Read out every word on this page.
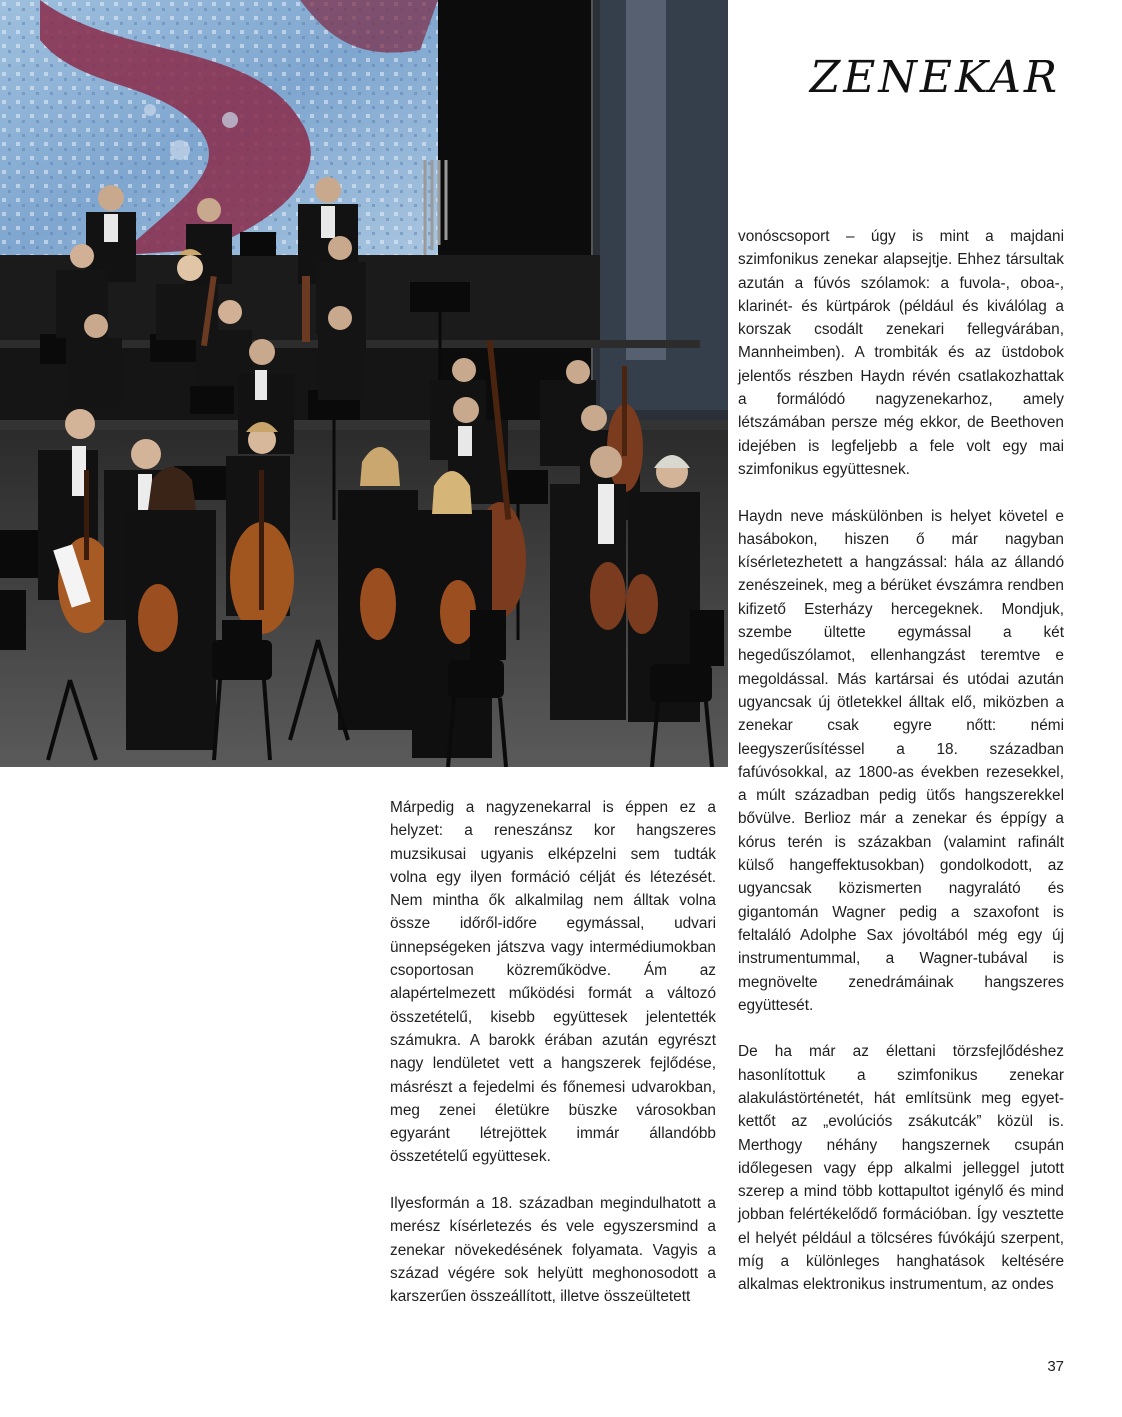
ZENEKAR

Márpedig a nagyzenekarral is éppen ez a helyzet: a reneszánsz kor hangszeres muzsikusai ugyanis elképzelni sem tudták volna egy ilyen formáció célját és létezését. Nem mintha ők alkalmilag nem álltak volna össze időről-időre egymással, udvari ünnepségeken játszva vagy intermédiumokban csoportosan közreműködve. Ám az alapértelmezett működési formát a változó összetételű, kisebb együttesek jelentették számukra. A barokk érában azután egyrészt nagy lendületet vett a hangszerek fejlődése, másrészt a fejedelmi és főnemesi udvarokban, meg zenei életükre büszke városokban egyaránt létrejöttek immár állandóbb összetételű együttesek.

Ilyesformán a 18. században megindulhatott a merész kísérletezés és vele egyszersmind a zenekar növekedésének folyamata. Vagyis a század végére sok helyütt meghonosodott a karszerűen összeállított, illetve összeültetett

vonóscsoport – úgy is mint a majdani szimfonikus zenekar alapsejtje. Ehhez társultak azután a fúvós szólamok: a fuvola-, oboa-, klarinét- és kürtpárok (például és kiválólag a korszak csodált zenekari fellegvárában, Mannheimben). A trombiták és az üstdobok jelentős részben Haydn révén csatlakozhattak a formálódó nagyzenekarhoz, amely létszámában persze még ekkor, de Beethoven idejében is legfeljebb a fele volt egy mai szimfonikus együttesnek.

Haydn neve máskülönben is helyet követel e hasábokon, hiszen ő már nagyban kísérletezhetett a hangzással: hála az állandó zenészeinek, meg a bérüket évszámra rendben kifizető Esterházy hercegeknek. Mondjuk, szembe ültette egymással a két hegedűszólamot, ellenhangzást teremtve e megoldással. Más kartársai és utódai azután ugyancsak új ötletekkel álltak elő, miközben a zenekar csak egyre nőtt: némi leegyszerűsítéssel a 18. században fafúvósokkal, az 1800-as években rezesekkel, a múlt században pedig ütős hangszerekkel bővülve. Berlioz már a zenekar és éppígy a kórus terén is százakban (valamint rafinált külső hangeffektusokban) gondolkodott, az ugyancsak közismerten nagyralátó és gigantomán Wagner pedig a szaxofont is feltaláló Adolphe Sax jóvoltából még egy új instrumentummal, a Wagner-tubával is megnövelte zenedrámáinak hangszeres együttesét.

De ha már az élettani törzsfejlődéshez hasonlítottuk a szimfonikus zenekar alakulástörténetét, hát említsünk meg egyet-kettőt az „evolúciós zsákutcák” közül is. Merthogy néhány hangszernek csupán időlegesen vagy épp alkalmi jelleggel jutott szerep a mind több kottapultot igénylő és mind jobban felértékelődő formációban. Így vesztette el helyét például a tölcséres fúvókájú szerpent, míg a különleges hanghatások keltésére alkalmas elektronikus instrumentum, az ondes

37
